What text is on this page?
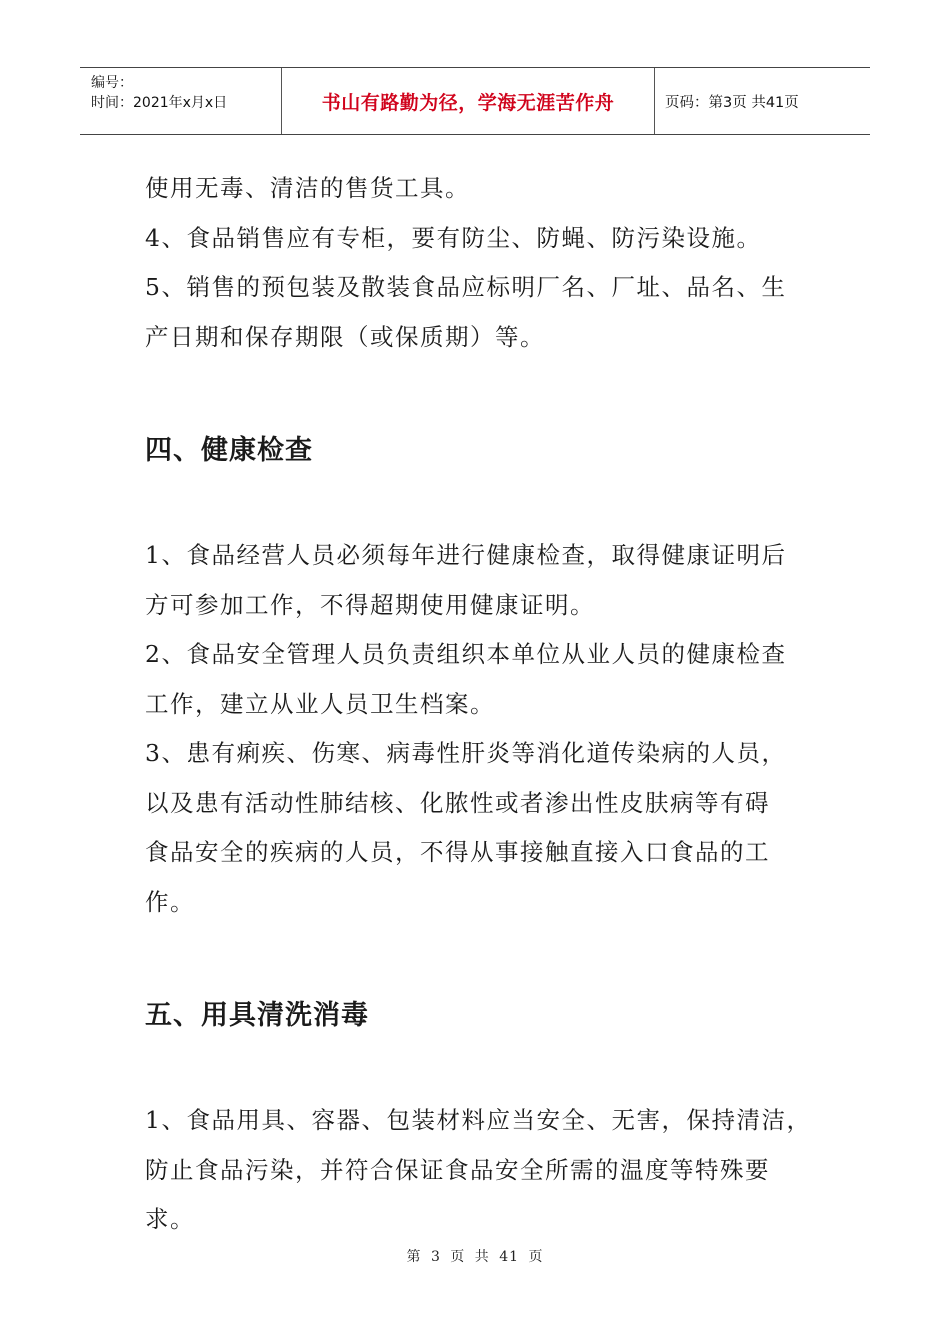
编号：
时间：2021年x月x日	书山有路勤为径，学海无涯苦作舟	页码：第3页 共41页

使用无毒、清洁的售货工具。

4、食品销售应有专柜，要有防尘、防蝇、防污染设施。

5、销售的预包装及散装食品应标明厂名、厂址、品名、生

产日期和保存期限（或保质期）等。

四、健康检查

1、食品经营人员必须每年进行健康检查，取得健康证明后

方可参加工作，不得超期使用健康证明。

2、食品安全管理人员负责组织本单位从业人员的健康检查

工作，建立从业人员卫生档案。

3、患有痢疾、伤寒、病毒性肝炎等消化道传染病的人员，

以及患有活动性肺结核、化脓性或者渗出性皮肤病等有碍

食品安全的疾病的人员，不得从事接触直接入口食品的工

作。

五、用具清洗消毒

1、食品用具、容器、包装材料应当安全、无害，保持清洁，

防止食品污染，并符合保证食品安全所需的温度等特殊要

求。

第 3 页 共 41 页
